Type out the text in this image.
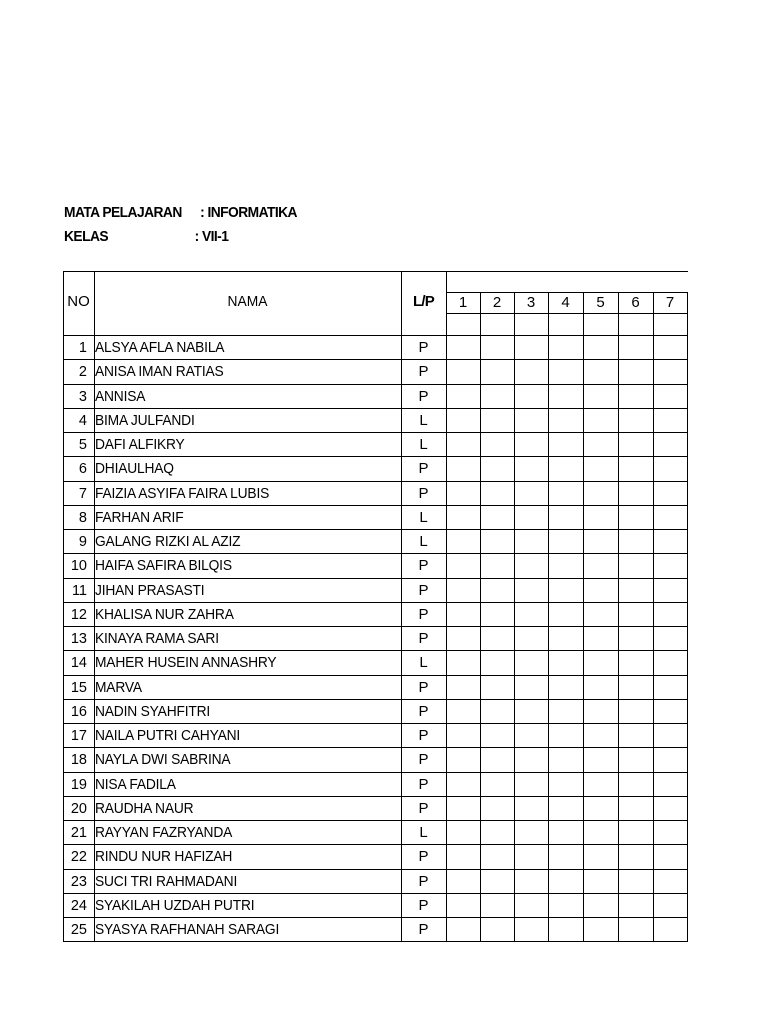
MATA PELAJARAN : INFORMATIKA
KELAS	: VII-1
NO	NAMA	L/P	1	2	3	4	5	6	7
1 ALSYA AFLA NABILA	P
2 ANISA IMAN RATIAS	P
3 ANNISA	P
4 BIMA JULFANDI	L
5 DAFI ALFIKRY	L
6 DHIAULHAQ	P
7 FAIZIA ASYIFA FAIRA LUBIS	P
8 FARHAN ARIF	L
9 GALANG RIZKI AL AZIZ	L
10 HAIFA SAFIRA BILQIS	P
11 JIHAN PRASASTI	P
12 KHALISA NUR ZAHRA	P
13 KINAYA RAMA SARI	P
14 MAHER HUSEIN ANNASHRY	L
15 MARVA	P
16 NADIN SYAHFITRI	P
17 NAILA PUTRI CAHYANI	P
18 NAYLA DWI SABRINA	P
19 NISA FADILA	P
20 RAUDHA NAUR	P
21 RAYYAN FAZRYANDA	L
22 RINDU NUR HAFIZAH	P
23 SUCI TRI RAHMADANI	P
24 SYAKILAH UZDAH PUTRI	P
25 SYASYA RAFHANAH SARAGI	P
